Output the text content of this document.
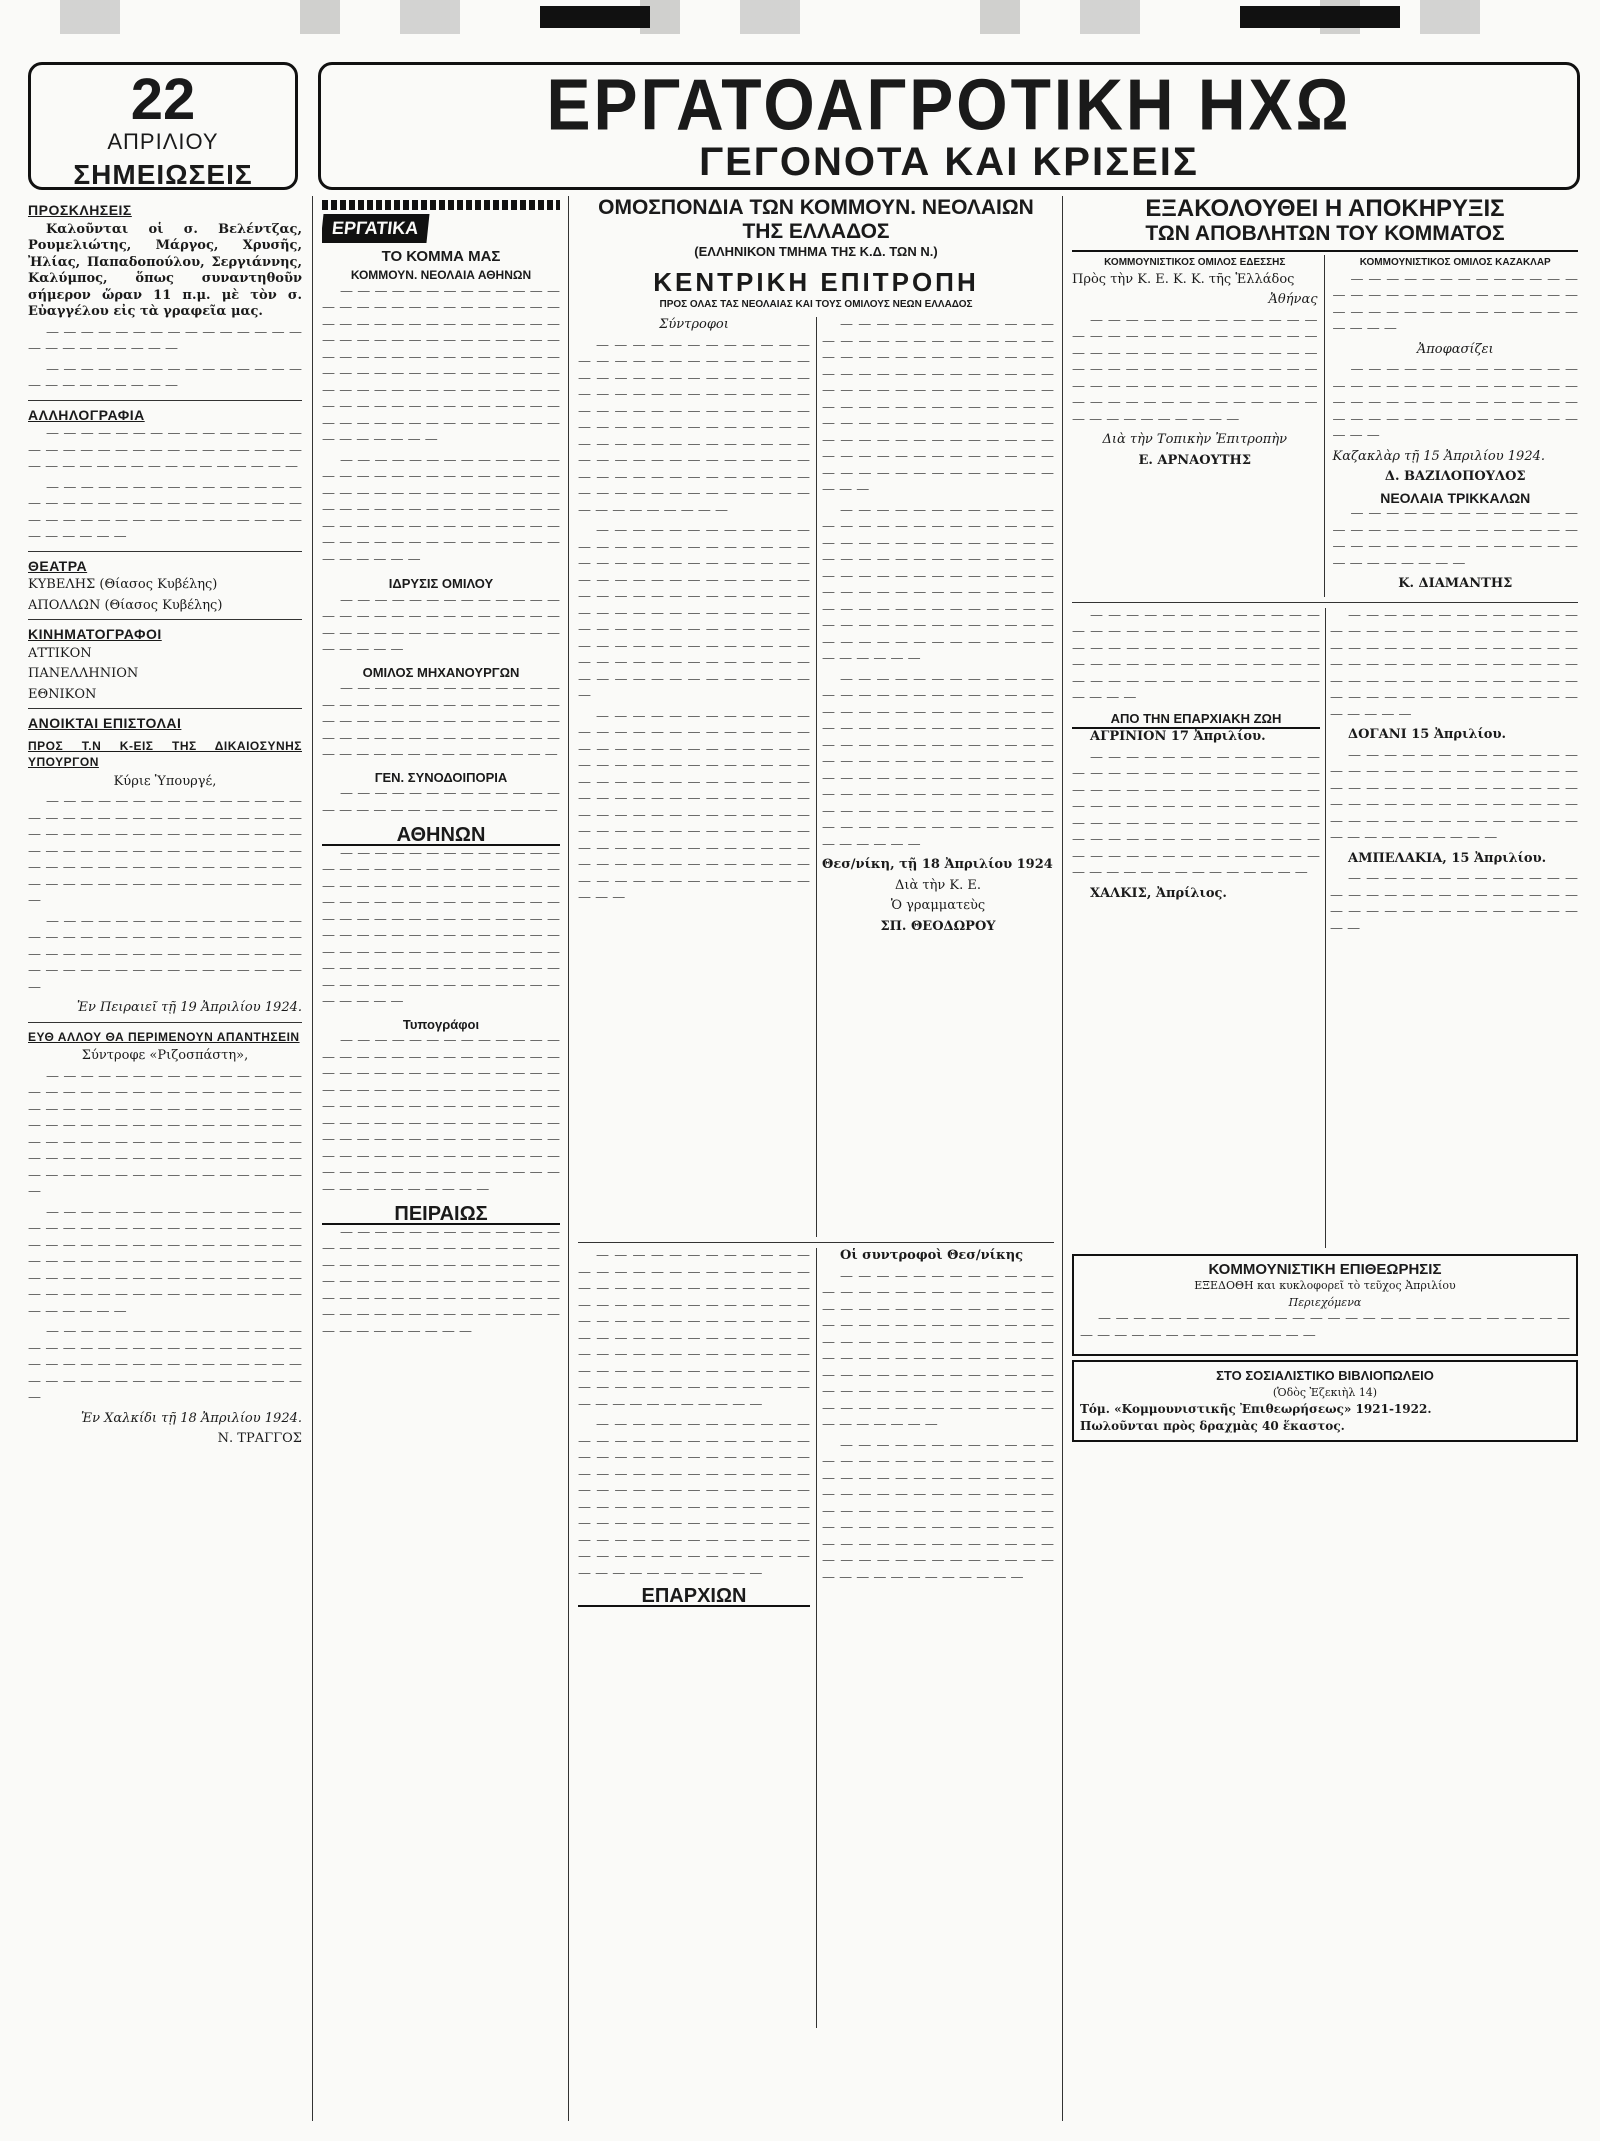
22
ΑΠΡΙΛΙΟΥ
ΣΗΜΕΙΩΣΕΙΣ
ΕΡΓΑΤΟΑΓΡΟΤΙΚΗ ΗΧΩ
ΓΕΓΟΝΟΤΑ ΚΑΙ ΚΡΙΣΕΙΣ
ΠΡΟΣΚΛΗΣΕΙΣ

Καλοῦνται οἱ σ. Βελέντζας, Ρουμελιώτης, Μάργος, Χρυσῆς, Ἠλίας, Παπαδοπούλου, Σεργιάννης, Καλύμπος, ὅπως συναντηθοῦν σήμερον ὥραν 11 π.μ. μὲ τὸν σ. Εὐαγγέλου εἰς τὰ γραφεῖα μας.

— — — — — — — — — — — — — — — — — — — — — — — —

— — — — — — — — — — — — — — — — — — — — — — — —

ΑΛΛΗΛΟΓΡΑΦΙΑ

— — — — — — — — — — — — — — — — — — — — — — — — — — — — — — — — — — — — — — — — — — — — — — —

— — — — — — — — — — — — — — — — — — — — — — — — — — — — — — — — — — — — — — — — — — — — — — — — — — — — —

ΘΕΑΤΡΑ

ΚΥΒΕΛΗΣ (Θίασος Κυβέλης)

ΑΠΟΛΛΩΝ (Θίασος Κυβέλης)

ΚΙΝΗΜΑΤΟΓΡΑΦΟΙ

ΑΤΤΙΚΟΝ

ΠΑΝΕΛΛΗΝΙΟΝ

ΕΘΝΙΚΟΝ

ΑΝΟΙΚΤΑΙ ΕΠΙΣΤΟΛΑΙ
ΠΡΟΣ Τ.Ν Κ-ΕΙΣ ΤΗΣ ΔΙΚΑΙΟΣΥΝΗΣ ΥΠΟΥΡΓΟΝ

Κύριε Ὑπουργέ,

— — — — — — — — — — — — — — — — — — — — — — — — — — — — — — — — — — — — — — — — — — — — — — — — — — — — — — — — — — — — — — — — — — — — — — — — — — — — — — — — — — — — — — — — — — — — — — — —

— — — — — — — — — — — — — — — — — — — — — — — — — — — — — — — — — — — — — — — — — — — — — — — — — — — — — — — — — — — — — — — —

Ἐν Πειραιεῖ τῇ 19 Ἀπριλίου 1924.

ΕΥΘ ΑΛΛΟΥ ΘΑ ΠΕΡΙΜΕΝΟΥΝ ΑΠΑΝΤΗΣΕΙΝ

Σύντροφε «Ριζοσπάστη»,

— — — — — — — — — — — — — — — — — — — — — — — — — — — — — — — — — — — — — — — — — — — — — — — — — — — — — — — — — — — — — — — — — — — — — — — — — — — — — — — — — — — — — — — — — — — — — — — — — — — — — — — — — — — — — — — —

— — — — — — — — — — — — — — — — — — — — — — — — — — — — — — — — — — — — — — — — — — — — — — — — — — — — — — — — — — — — — — — — — — — — — — — — — — — — — — — — — — — — — — — — — — — — — — — — — — — — —

— — — — — — — — — — — — — — — — — — — — — — — — — — — — — — — — — — — — — — — — — — — — — — — — — — — — — — — — — — — — — — — —

Ἐν Χαλκίδι τῇ 18 Ἀπριλίου 1924.

Ν. ΤΡΑΓΓΟΣ

ΕΡΓΑΤΙΚΑ
ΤΟ ΚΟΜΜΑ ΜΑΣ
ΚΟΜΜΟΥΝ. ΝΕΟΛΑΙΑ ΑΘΗΝΩΝ

— — — — — — — — — — — — — — — — — — — — — — — — — — — — — — — — — — — — — — — — — — — — — — — — — — — — — — — — — — — — — — — — — — — — — — — — — — — — — — — — — — — — — — — — — — — — — — — — — — — — — — — — — — — — — — — — — — — — — — — — — — — — — — — — — — — —

— — — — — — — — — — — — — — — — — — — — — — — — — — — — — — — — — — — — — — — — — — — — — — — — — — — — — — — — — — — — — — — — — — — — — — — — — — — — — — — — — — — — — — — — —

ΙΔΡΥΣΙΣ ΟΜΙΛΟΥ

— — — — — — — — — — — — — — — — — — — — — — — — — — — — — — — — — — — — — — — — — — — — — —

ΟΜΙΛΟΣ ΜΗΧΑΝΟΥΡΓΩΝ

— — — — — — — — — — — — — — — — — — — — — — — — — — — — — — — — — — — — — — — — — — — — — — — — — — — — — — — — — — — — — — — — — — — — —

ΓΕΝ. ΣΥΝΟΔΟΙΠΟΡΙΑ

— — — — — — — — — — — — — — — — — — — — — — — — — — —

ΑΘΗΝΩΝ

— — — — — — — — — — — — — — — — — — — — — — — — — — — — — — — — — — — — — — — — — — — — — — — — — — — — — — — — — — — — — — — — — — — — — — — — — — — — — — — — — — — — — — — — — — — — — — — — — — — — — — — — — — — — — — — — — — — — — — — — — — — — — — — — — —

Τυπογράφοι

— — — — — — — — — — — — — — — — — — — — — — — — — — — — — — — — — — — — — — — — — — — — — — — — — — — — — — — — — — — — — — — — — — — — — — — — — — — — — — — — — — — — — — — — — — — — — — — — — — — — — — — — — — — — — — — — — — — — — — — — — — — — — — — — — — — — — — —

ΠΕΙΡΑΙΩΣ

— — — — — — — — — — — — — — — — — — — — — — — — — — — — — — — — — — — — — — — — — — — — — — — — — — — — — — — — — — — — — — — — — — — — — — — — — — — — — — — — — — — — — — — — — — — —

ΟΜΟΣΠΟΝΔΙΑ ΤΩΝ ΚΟΜΜΟΥΝ. ΝΕΟΛΑΙΩΝ ΤΗΣ ΕΛΛΑΔΟΣ
(ΕΛΛΗΝΙΚΟΝ ΤΜΗΜΑ ΤΗΣ Κ.Δ. ΤΩΝ Ν.)
ΚΕΝΤΡΙΚΗ ΕΠΙΤΡΟΠΗ
ΠΡΟΣ ΟΛΑΣ ΤΑΣ ΝΕΟΛΑΙΑΣ ΚΑΙ ΤΟΥΣ ΟΜΙΛΟΥΣ ΝΕΩΝ ΕΛΛΑΔΟΣ

Σύντροφοι

— — — — — — — — — — — — — — — — — — — — — — — — — — — — — — — — — — — — — — — — — — — — — — — — — — — — — — — — — — — — — — — — — — — — — — — — — — — — — — — — — — — — — — — — — — — — — — — — — — — — — — — — — — — — — — — — — — — — — — — — — — — — — — — — — — — — — — — — — —

— — — — — — — — — — — — — — — — — — — — — — — — — — — — — — — — — — — — — — — — — — — — — — — — — — — — — — — — — — — — — — — — — — — — — — — — — — — — — — — — — — — — — — — — — — — — — — — — — — — — — — — — — — — — — — — — — — — — — — — — — — — — — — — — — —

— — — — — — — — — — — — — — — — — — — — — — — — — — — — — — — — — — — — — — — — — — — — — — — — — — — — — — — — — — — — — — — — — — — — — — — — — — — — — — — — — — — — — — — — — — — — — — — — — — — — — — — — — — — — — — — — — — — — — — — — — — — — — — — — — — — — — — — — — — — — — — — — —

— — — — — — — — — — — — — — — — — — — — — — — — — — — — — — — — — — — — — — — — — — — — — — — — — — — — — — — — — — — — — — — — — — — — — — — — — — — — — — — — — — — — — — — — — — — — — — — — — — — — — — — — — — — — — — — — — — — — — — — — — — — — — — — — — — — —

— — — — — — — — — — — — — — — — — — — — — — — — — — — — — — — — — — — — — — — — — — — — — — — — — — — — — — — — — — — — — — — — — — — — — — — — — — — — — — — — — — — — — — — — — — — — — — — — — — — — — — — — — — — — — — — — — — — — — — — — — —

— — — — — — — — — — — — — — — — — — — — — — — — — — — — — — — — — — — — — — — — — — — — — — — — — — — — — — — — — — — — — — — — — — — — — — — — — — — — — — — — — — — — — — — — — — — — — — — — — — — — — — — — — — — — — — — — — — — — — — — — — — — — — — — — — — — — — — —

Θεσ/νίκη, τῇ 18 Ἀπριλίου 1924

Διὰ τὴν Κ. Ε.

Ὁ γραμματεὺς

ΣΠ. ΘΕΟΔΩΡΟΥ

— — — — — — — — — — — — — — — — — — — — — — — — — — — — — — — — — — — — — — — — — — — — — — — — — — — — — — — — — — — — — — — — — — — — — — — — — — — — — — — — — — — — — — — — — — — — — — — — — — — — — — — — — — — — — — — — — — — — — — — — — — — — — — —

— — — — — — — — — — — — — — — — — — — — — — — — — — — — — — — — — — — — — — — — — — — — — — — — — — — — — — — — — — — — — — — — — — — — — — — — — — — — — — — — — — — — — — — — — — — — — — — — — — — — — — — — — — — — — — — — — — — — — — — — — — — — — — —

ΕΠΑΡΧΙΩΝ

Οἱ συντροφοὶ Θεσ/νίκης

— — — — — — — — — — — — — — — — — — — — — — — — — — — — — — — — — — — — — — — — — — — — — — — — — — — — — — — — — — — — — — — — — — — — — — — — — — — — — — — — — — — — — — — — — — — — — — — — — — — — — — — — — — — — — — — — — — — — — — — — — — —

— — — — — — — — — — — — — — — — — — — — — — — — — — — — — — — — — — — — — — — — — — — — — — — — — — — — — — — — — — — — — — — — — — — — — — — — — — — — — — — — — — — — — — — — — — — — — — — — — — — — — — — — — — — — — — — — — — —

ΕΞΑΚΟΛΟΥΘΕΙ Η ΑΠΟΚΗΡΥΞΙΣ
ΤΩΝ ΑΠΟΒΛΗΤΩΝ ΤΟΥ ΚΟΜΜΑΤΟΣ
ΚΟΜΜΟΥΝΙΣΤΙΚΟΣ ΟΜΙΛΟΣ ΕΔΕΣΣΗΣ

Πρὸς τὴν Κ. Ε. Κ. Κ. τῆς Ἑλλάδος

Ἀθήνας

— — — — — — — — — — — — — — — — — — — — — — — — — — — — — — — — — — — — — — — — — — — — — — — — — — — — — — — — — — — — — — — — — — — — — — — — — — — — — — — — — — — — — — — — — — — — —

Διὰ τὴν Τοπικὴν Ἐπιτροπὴν

Ε. ΑΡΝΑΟΥΤΗΣ

ΚΟΜΜΟΥΝΙΣΤΙΚΟΣ ΟΜΙΛΟΣ ΚΑΖΑΚΛΑΡ

— — — — — — — — — — — — — — — — — — — — — — — — — — — — — — — — — — — — — — — — — — — — —

Ἀποφασίζει

— — — — — — — — — — — — — — — — — — — — — — — — — — — — — — — — — — — — — — — — — — — — — — — — — — — — — — — — — —

Καζακλὰρ τῇ 15 Ἀπριλίου 1924.

Δ. ΒΑΖΙΛΟΠΟΥΛΟΣ

ΝΕΟΛΑΙΑ ΤΡΙΚΚΑΛΩΝ

— — — — — — — — — — — — — — — — — — — — — — — — — — — — — — — — — — — — — — — — — — — — — — — — —

Κ. ΔΙΑΜΑΝΤΗΣ

— — — — — — — — — — — — — — — — — — — — — — — — — — — — — — — — — — — — — — — — — — — — — — — — — — — — — — — — — — — — — — — — — — — — — — — — —

ΑΠΟ ΤΗΝ ΕΠΑΡΧΙΑΚΗ ΖΩΗ

ΑΓΡΙΝΙΟΝ 17 Ἀπριλίου.

— — — — — — — — — — — — — — — — — — — — — — — — — — — — — — — — — — — — — — — — — — — — — — — — — — — — — — — — — — — — — — — — — — — — — — — — — — — — — — — — — — — — — — — — — — — — — — — — — — — — — — — — — — — — — — —

ΧΑΛΚΙΣ, Ἀπρίλιος.

— — — — — — — — — — — — — — — — — — — — — — — — — — — — — — — — — — — — — — — — — — — — — — — — — — — — — — — — — — — — — — — — — — — — — — — — — — — — — — — — — — — — — — — —

ΔΟΓΑΝΙ 15 Ἀπριλίου.

— — — — — — — — — — — — — — — — — — — — — — — — — — — — — — — — — — — — — — — — — — — — — — — — — — — — — — — — — — — — — — — — — — — — — — — — — — — — — — —

ΑΜΠΕΛΑΚΙΑ, 15 Ἀπριλίου.

— — — — — — — — — — — — — — — — — — — — — — — — — — — — — — — — — — — — — — — — — — —

ΚΟΜΜΟΥΝΙΣΤΙΚΗ ΕΠΙΘΕΩΡΗΣΙΣ
ΕΞΕΔΟΘΗ και κυκλοφορεῖ τὸ τεῦχος Ἀπριλίου
Περιεχόμενα

— — — — — — — — — — — — — — — — — — — — — — — — — — — — — — — — — — — — — — — — —

ΣΤΟ ΣΟΣΙΑΛΙΣΤΙΚΟ ΒΙΒΛΙΟΠΩΛΕΙΟ
(Ὁδὸς Ἐζεκιὴλ 14)
Τόμ. «Κομμουνιστικῆς Ἐπιθεωρήσεως» 1921-1922.
Πωλοῦνται πρὸς δραχμὰς 40 ἕκαστος.
